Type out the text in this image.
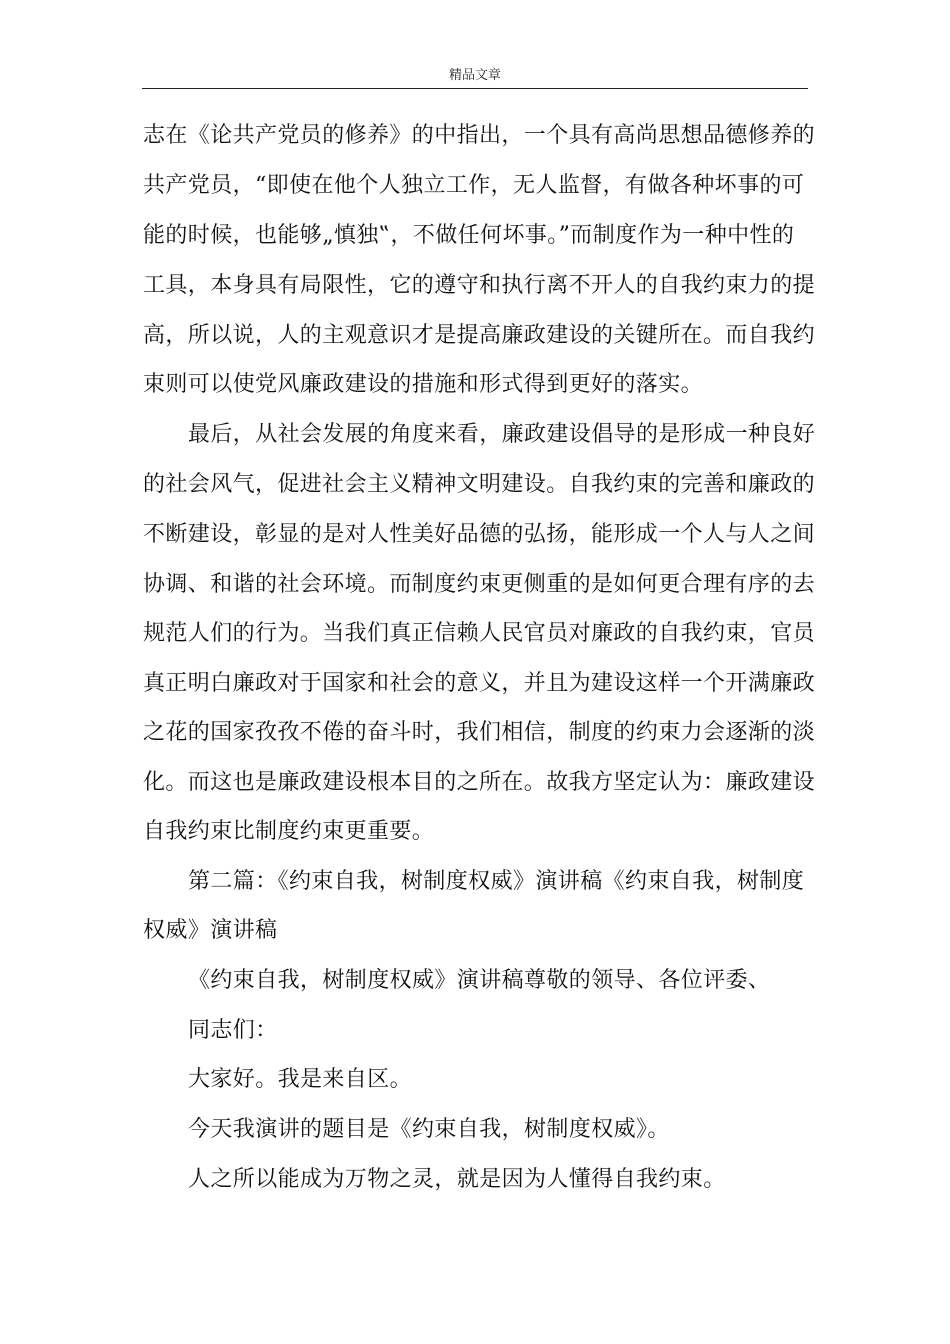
精品文章
志在《论共产党员的修养》的中指出，一个具有高尚思想品德修养的
共产党员，“即使在他个人独立工作，无人监督，有做各种坏事的可
能的时候，也能够„慎独‟，不做任何坏事。”而制度作为一种中性的
工具，本身具有局限性，它的遵守和执行离不开人的自我约束力的提
高，所以说，人的主观意识才是提高廉政建设的关键所在。而自我约
束则可以使党风廉政建设的措施和形式得到更好的落实。
最后，从社会发展的角度来看，廉政建设倡导的是形成一种良好
的社会风气，促进社会主义精神文明建设。自我约束的完善和廉政的
不断建设，彰显的是对人性美好品德的弘扬，能形成一个人与人之间
协调、和谐的社会环境。而制度约束更侧重的是如何更合理有序的去
规范人们的行为。当我们真正信赖人民官员对廉政的自我约束，官员
真正明白廉政对于国家和社会的意义，并且为建设这样一个开满廉政
之花的国家孜孜不倦的奋斗时，我们相信，制度的约束力会逐渐的淡
化。而这也是廉政建设根本目的之所在。故我方坚定认为：廉政建设
自我约束比制度约束更重要。
第二篇：《约束自我，树制度权威》演讲稿《约束自我，树制度
权威》演讲稿
《约束自我，树制度权威》演讲稿尊敬的领导、各位评委、
同志们：
大家好。我是来自区。
今天我演讲的题目是《约束自我，树制度权威》。
人之所以能成为万物之灵，就是因为人懂得自我约束。
